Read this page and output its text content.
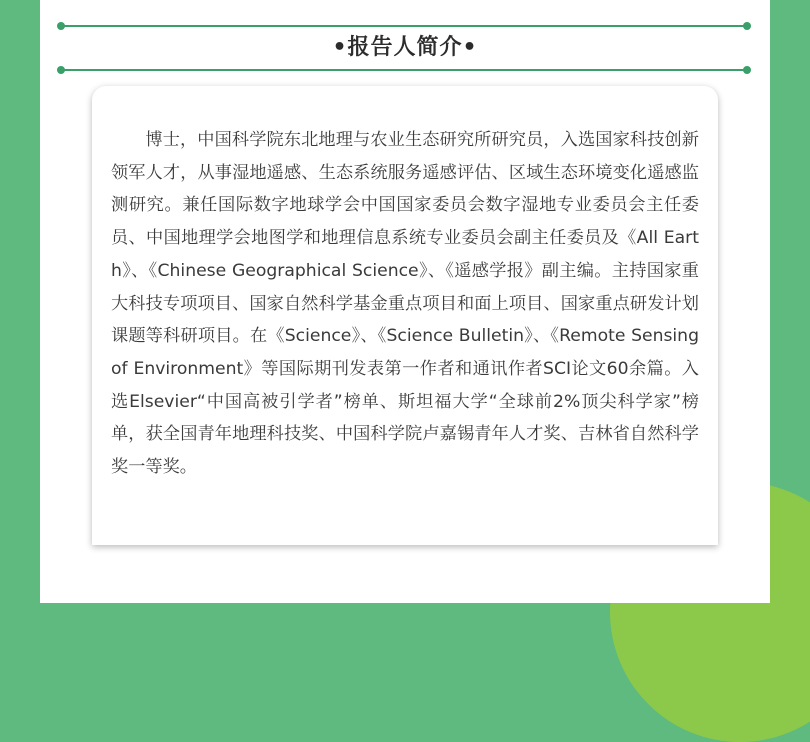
•报告人简介•

博士，中国科学院东北地理与农业生态研究所研究员，入选国家科技创新领军人才，从事湿地遥感、生态系统服务遥感评估、区域生态环境变化遥感监测研究。兼任国际数字地球学会中国国家委员会数字湿地专业委员会主任委员、中国地理学会地图学和地理信息系统专业委员会副主任委员及《All Earth》、《Chinese Geographical Science》、《遥感学报》副主编。主持国家重大科技专项项目、国家自然科学基金重点项目和面上项目、国家重点研发计划课题等科研项目。在《Science》、《Science Bulletin》、《Remote Sensing of Environment》等国际期刊发表第一作者和通讯作者SCI论文60余篇。入选Elsevier“中国高被引学者”榜单、斯坦福大学“全球前2%顶尖科学家”榜单，获全国青年地理科技奖、中国科学院卢嘉锡青年人才奖、吉林省自然科学奖一等奖。
